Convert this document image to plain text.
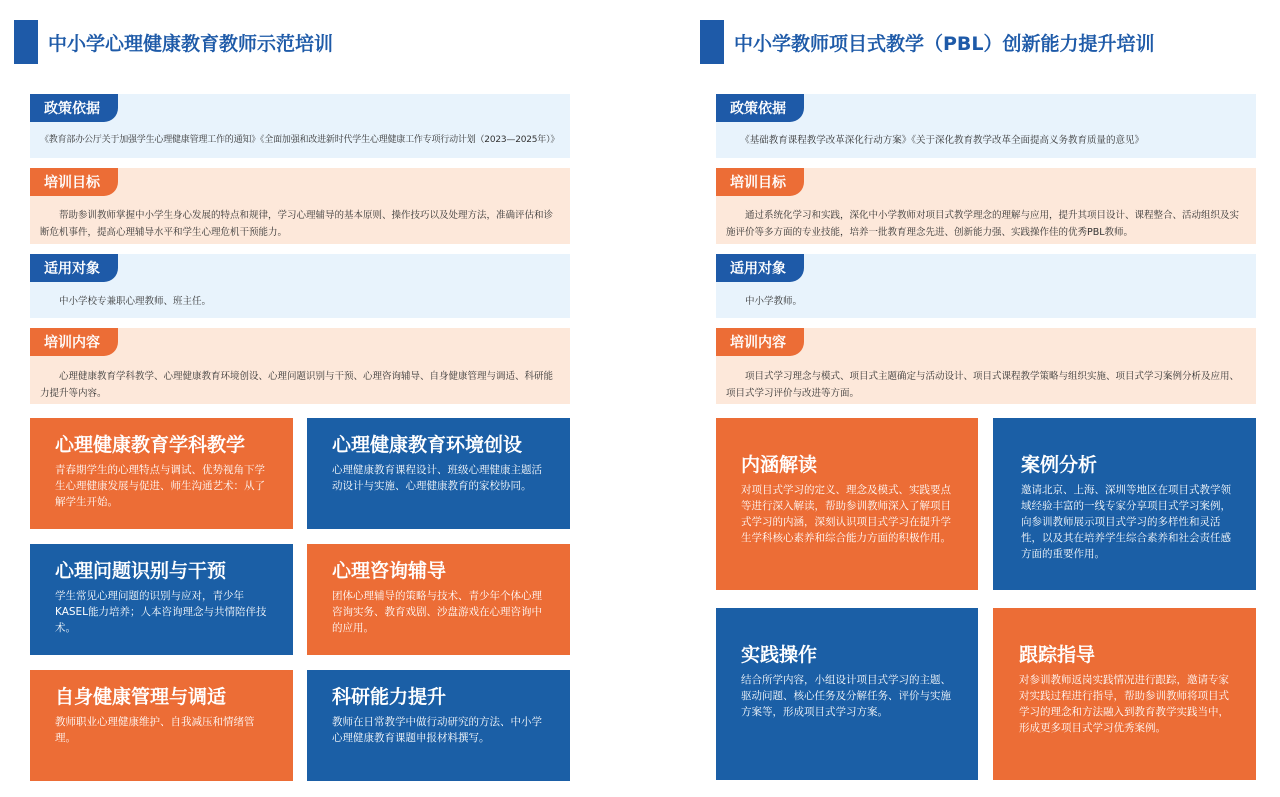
中小学心理健康教育教师示范培训
政策依据
《教育部办公厅关于加强学生心理健康管理工作的通知》《全面加强和改进新时代学生心理健康工作专项行动计划（2023—2025年）》
培训目标
　　帮助参训教师掌握中小学生身心发展的特点和规律，学习心理辅导的基本原则、操作技巧以及处理方法，准确评估和诊断危机事件，提高心理辅导水平和学生心理危机干预能力。
适用对象
　　中小学校专兼职心理教师、班主任。
培训内容
　　心理健康教育学科教学、心理健康教育环境创设、心理问题识别与干预、心理咨询辅导、自身健康管理与调适、科研能力提升等内容。
心理健康教育学科教学
青春期学生的心理特点与调试、优势视角下学生心理健康发展与促进、师生沟通艺术：从了解学生开始。
心理健康教育环境创设
心理健康教育课程设计、班级心理健康主题活动设计与实施、心理健康教育的家校协同。
心理问题识别与干预
学生常见心理问题的识别与应对，青少年KASEL能力培养；人本咨询理念与共情陪伴技术。
心理咨询辅导
团体心理辅导的策略与技术、青少年个体心理咨询实务、教育戏剧、沙盘游戏在心理咨询中的应用。
自身健康管理与调适
教师职业心理健康维护、自我减压和情绪管理。
科研能力提升
教师在日常教学中做行动研究的方法、中小学心理健康教育课题申报材料撰写。
中小学教师项目式教学（PBL）创新能力提升培训
政策依据
　　《基础教育课程教学改革深化行动方案》《关于深化教育教学改革全面提高义务教育质量的意见》
培训目标
　　通过系统化学习和实践，深化中小学教师对项目式教学理念的理解与应用，提升其项目设计、课程整合、活动组织及实施评价等多方面的专业技能，培养一批教育理念先进、创新能力强、实践操作佳的优秀PBL教师。
适用对象
　　中小学教师。
培训内容
　　项目式学习理念与模式、项目式主题确定与活动设计、项目式课程教学策略与组织实施、项目式学习案例分析及应用、项目式学习评价与改进等方面。
内涵解读
对项目式学习的定义、理念及模式、实践要点等进行深入解读，帮助参训教师深入了解项目式学习的内涵，深刻认识项目式学习在提升学生学科核心素养和综合能力方面的积极作用。
案例分析
邀请北京、上海、深圳等地区在项目式教学领域经验丰富的一线专家分享项目式学习案例，向参训教师展示项目式学习的多样性和灵活性，以及其在培养学生综合素养和社会责任感方面的重要作用。
实践操作
结合所学内容，小组设计项目式学习的主题、驱动问题、核心任务及分解任务、评价与实施方案等，形成项目式学习方案。
跟踪指导
对参训教师返岗实践情况进行跟踪，邀请专家对实践过程进行指导，帮助参训教师将项目式学习的理念和方法融入到教育教学实践当中，形成更多项目式学习优秀案例。
